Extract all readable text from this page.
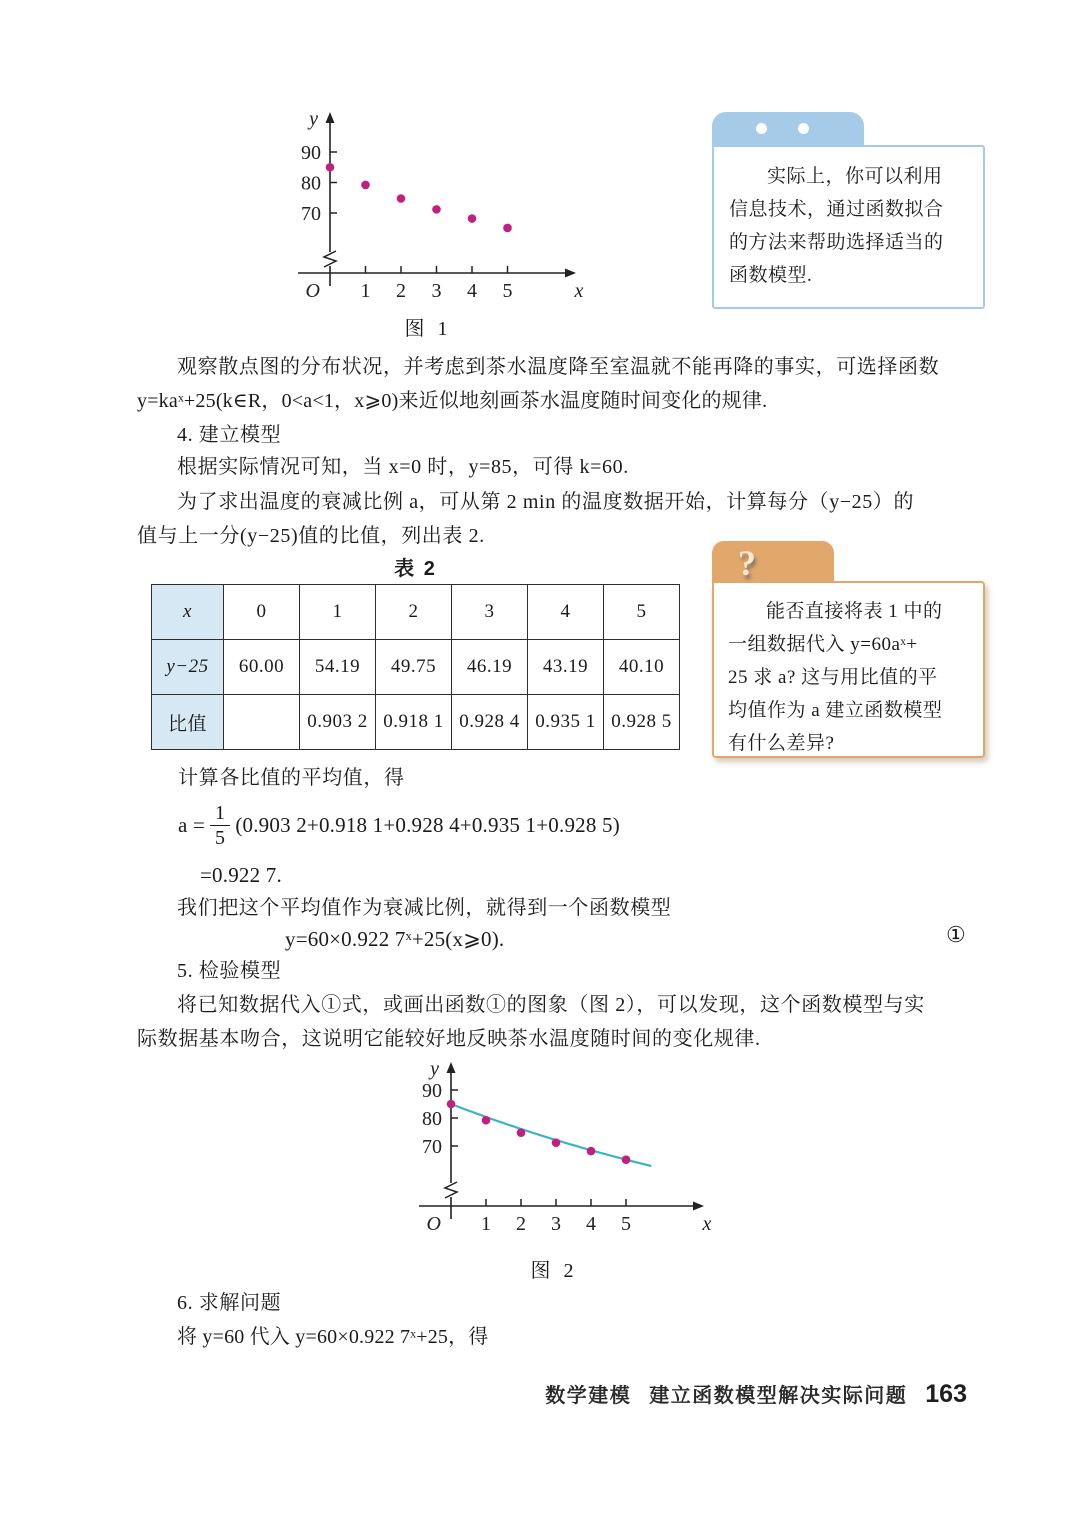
90
80
70
1 2 3 4 5
O
y
x
图 1
实际上，你可以利用
信息技术，通过函数拟合
的方法来帮助选择适当的
函数模型.
观察散点图的分布状况，并考虑到茶水温度降至室温就不能再降的事实，可选择函数
y=kaˣ+25(k∈R，0<a<1，x⩾0)来近似地刻画茶水温度随时间变化的规律.
4. 建立模型
根据实际情况可知，当 x=0 时，y=85，可得 k=60.
为了求出温度的衰减比例 a，可从第 2 min 的温度数据开始，计算每分（y−25）的
值与上一分(y−25)值的比值，列出表 2.
表 2
x	0	1	2	3	4	5
y−25	60.00	54.19	49.75	46.19	43.19	40.10
比值		0.903 2	0.918 1	0.928 4	0.935 1	0.928 5
?
能否直接将表 1 中的
一组数据代入 y=60aˣ+
25 求 a? 这与用比值的平
均值作为 a 建立函数模型
有什么差异?
计算各比值的平均值，得
$a = \frac{1}{5} (0.903$ 2+0.918 1+0.928 4+0.935 1+0.928 5)
=0.922 7.
我们把这个平均值作为衰减比例，就得到一个函数模型
y=60×0.922 7ˣ+25(x⩾0).	①
5. 检验模型
将已知数据代入①式，或画出函数①的图象（图 2），可以发现，这个函数模型与实
际数据基本吻合，这说明它能较好地反映茶水温度随时间的变化规律.
90
80
70
1 2 3 4 5
O
y
x
图 2
6. 求解问题
将 y=60 代入 y=60×0.922 7ˣ+25，得
数学建模 建立函数模型解决实际问题 163
